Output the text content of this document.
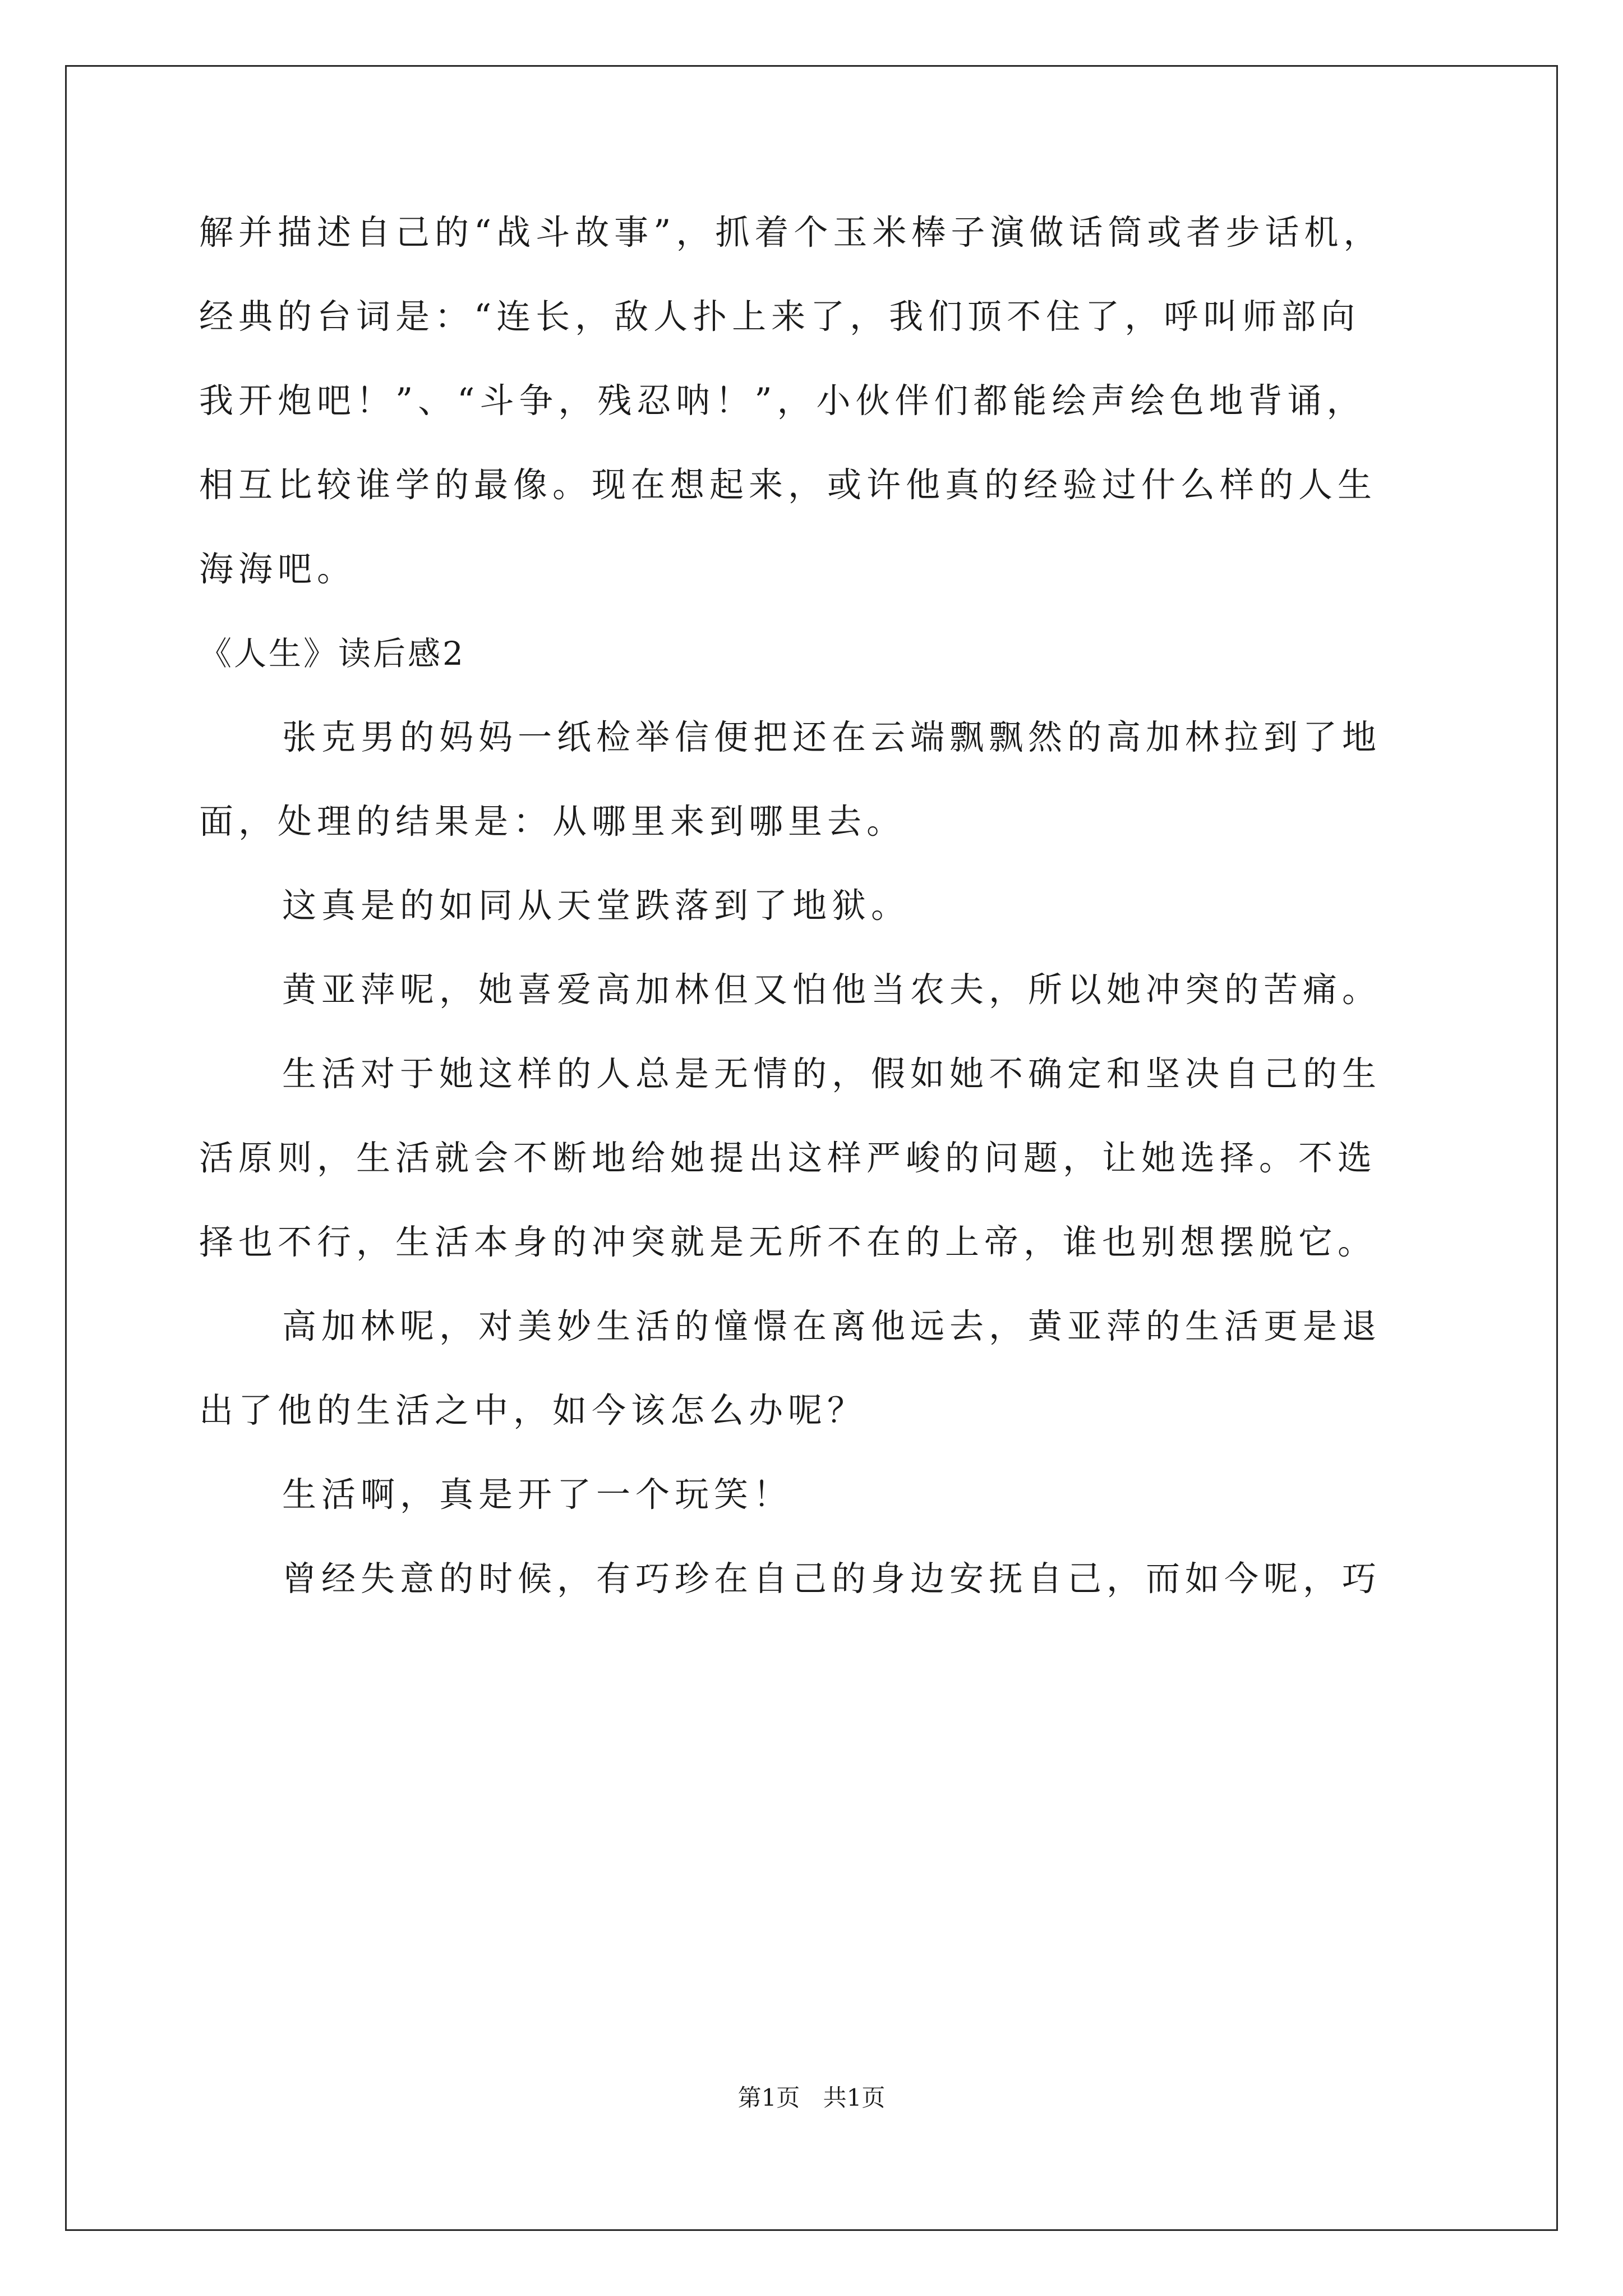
解并描述自己的“战斗故事”，抓着个玉米棒子演做话筒或者步话机，
经典的台词是：“连长，敌人扑上来了，我们顶不住了，呼叫师部向
我开炮吧！”、“斗争，残忍呐！”，小伙伴们都能绘声绘色地背诵，
相互比较谁学的最像。现在想起来，或许他真的经验过什么样的人生
海海吧。
《人生》读后感2
张克男的妈妈一纸检举信便把还在云端飘飘然的高加林拉到了地
面，处理的结果是：从哪里来到哪里去。
这真是的如同从天堂跌落到了地狱。
黄亚萍呢，她喜爱高加林但又怕他当农夫，所以她冲突的苦痛。
生活对于她这样的人总是无情的，假如她不确定和坚决自己的生
活原则，生活就会不断地给她提出这样严峻的问题，让她选择。不选
择也不行，生活本身的冲突就是无所不在的上帝，谁也别想摆脱它。
高加林呢，对美妙生活的憧憬在离他远去，黄亚萍的生活更是退
出了他的生活之中，如今该怎么办呢？
生活啊，真是开了一个玩笑！
曾经失意的时候，有巧珍在自己的身边安抚自己，而如今呢，巧
第1页 共1页
